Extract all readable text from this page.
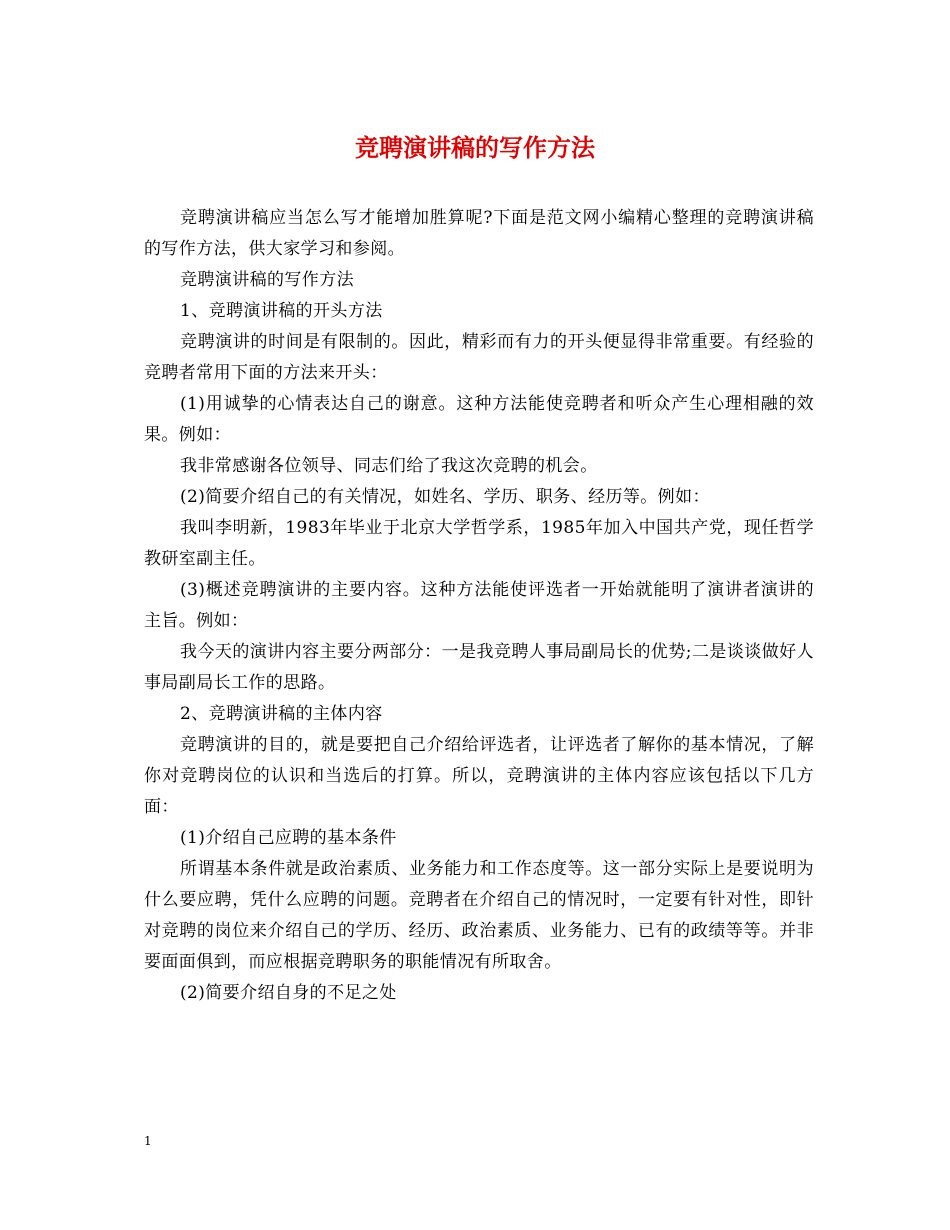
竞聘演讲稿的写作方法

竞聘演讲稿应当怎么写才能增加胜算呢?下面是范文网小编精心整理的竞聘演讲稿的写作方法，供大家学习和参阅。

竞聘演讲稿的写作方法

1、竞聘演讲稿的开头方法

竞聘演讲的时间是有限制的。因此，精彩而有力的开头便显得非常重要。有经验的竞聘者常用下面的方法来开头：

(1)用诚挚的心情表达自己的谢意。这种方法能使竞聘者和听众产生心理相融的效果。例如：

我非常感谢各位领导、同志们给了我这次竞聘的机会。

(2)简要介绍自己的有关情况，如姓名、学历、职务、经历等。例如：

我叫李明新，1983年毕业于北京大学哲学系，1985年加入中国共产党，现任哲学教研室副主任。

(3)概述竞聘演讲的主要内容。这种方法能使评选者一开始就能明了演讲者演讲的主旨。例如：

我今天的演讲内容主要分两部分：一是我竞聘人事局副局长的优势;二是谈谈做好人事局副局长工作的思路。

2、竞聘演讲稿的主体内容

竞聘演讲的目的，就是要把自己介绍给评选者，让评选者了解你的基本情况，了解你对竞聘岗位的认识和当选后的打算。所以，竞聘演讲的主体内容应该包括以下几方面：

(1)介绍自己应聘的基本条件

所谓基本条件就是政治素质、业务能力和工作态度等。这一部分实际上是要说明为什么要应聘，凭什么应聘的问题。竞聘者在介绍自己的情况时，一定要有针对性，即针对竞聘的岗位来介绍自己的学历、经历、政治素质、业务能力、已有的政绩等等。并非要面面俱到，而应根据竞聘职务的职能情况有所取舍。

(2)简要介绍自身的不足之处

1
